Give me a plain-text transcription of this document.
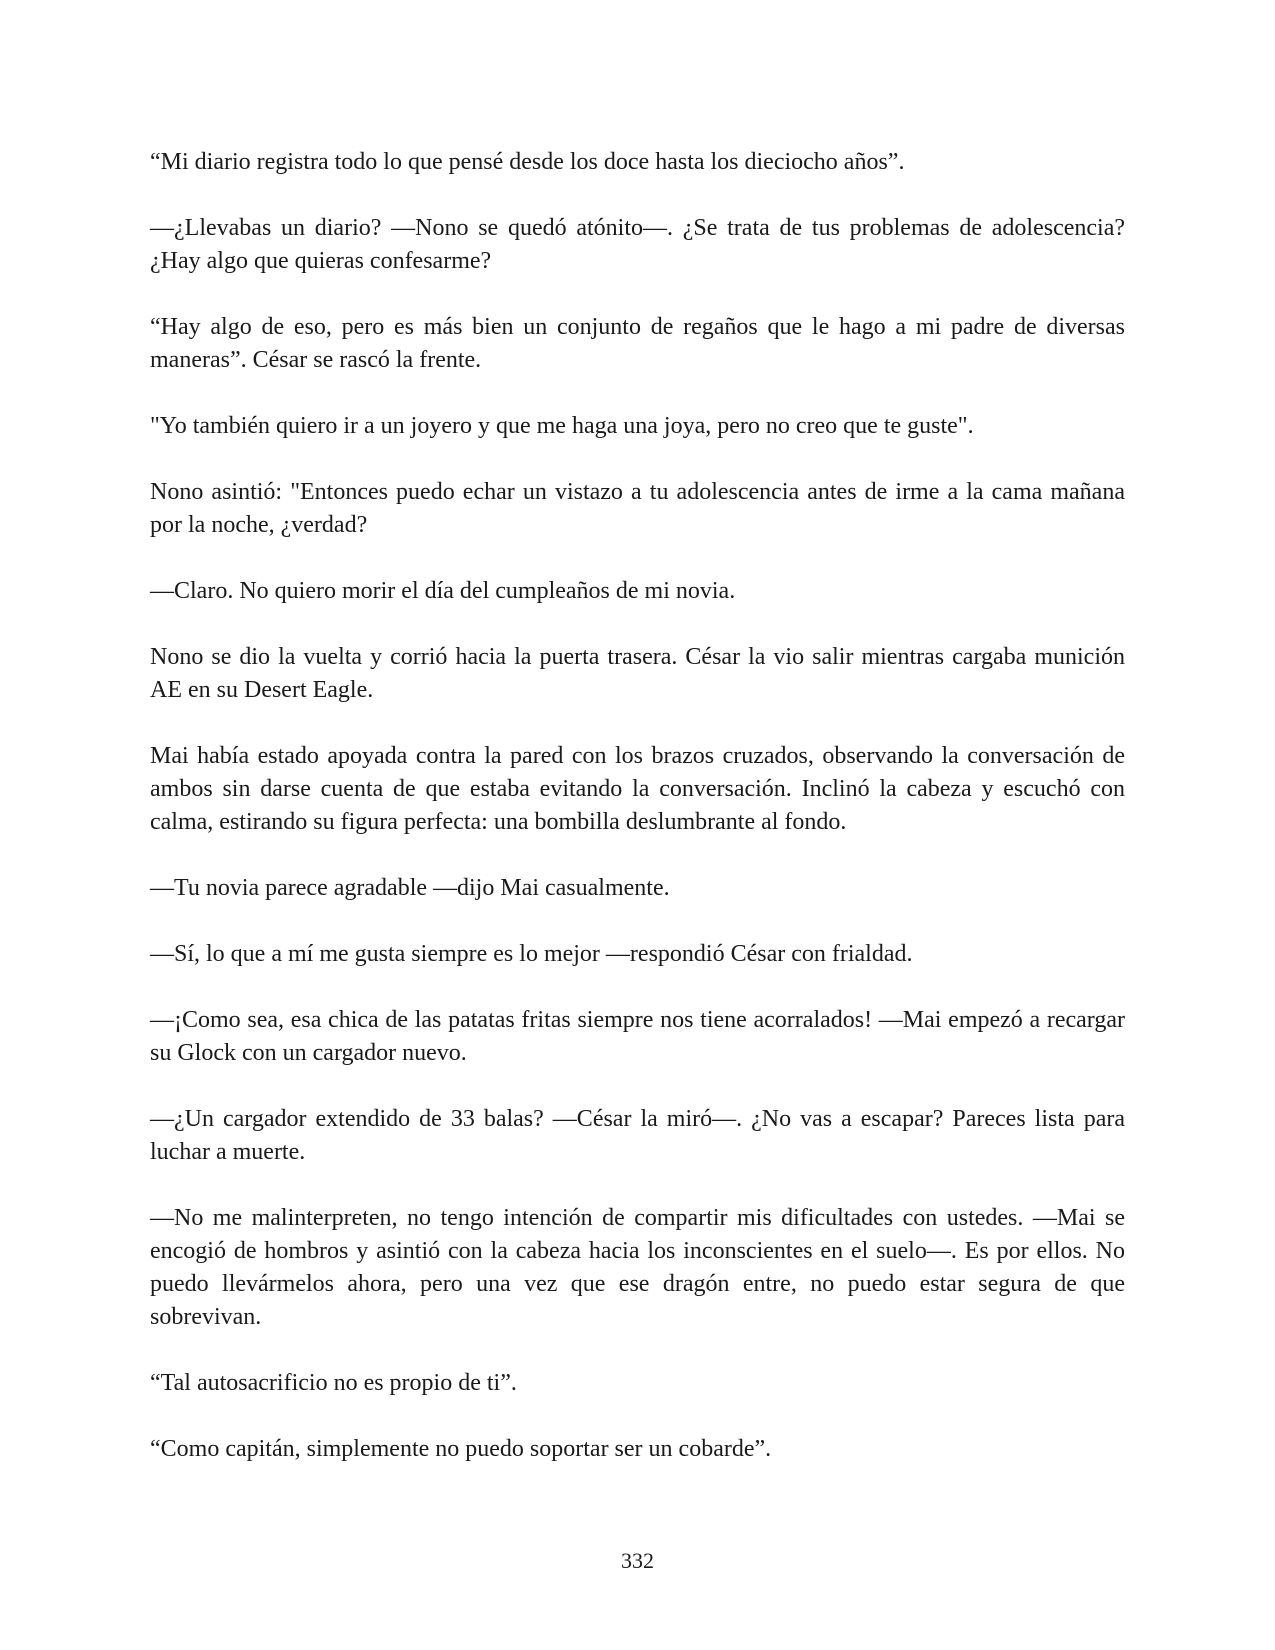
“Mi diario registra todo lo que pensé desde los doce hasta los dieciocho años”.

—¿Llevabas un diario? —Nono se quedó atónito—. ¿Se trata de tus problemas de adolescencia? ¿Hay algo que quieras confesarme?

“Hay algo de eso, pero es más bien un conjunto de regaños que le hago a mi padre de diversas maneras”. César se rascó la frente.

"Yo también quiero ir a un joyero y que me haga una joya, pero no creo que te guste".

Nono asintió: "Entonces puedo echar un vistazo a tu adolescencia antes de irme a la cama mañana por la noche, ¿verdad?

—Claro. No quiero morir el día del cumpleaños de mi novia.

Nono se dio la vuelta y corrió hacia la puerta trasera. César la vio salir mientras cargaba munición AE en su Desert Eagle.

Mai había estado apoyada contra la pared con los brazos cruzados, observando la conversación de ambos sin darse cuenta de que estaba evitando la conversación. Inclinó la cabeza y escuchó con calma, estirando su figura perfecta: una bombilla deslumbrante al fondo.

—Tu novia parece agradable —dijo Mai casualmente.

—Sí, lo que a mí me gusta siempre es lo mejor —respondió César con frialdad.

—¡Como sea, esa chica de las patatas fritas siempre nos tiene acorralados! —Mai empezó a recargar su Glock con un cargador nuevo.

—¿Un cargador extendido de 33 balas? —César la miró—. ¿No vas a escapar? Pareces lista para luchar a muerte.

—No me malinterpreten, no tengo intención de compartir mis dificultades con ustedes. —Mai se encogió de hombros y asintió con la cabeza hacia los inconscientes en el suelo—. Es por ellos. No puedo llevármelos ahora, pero una vez que ese dragón entre, no puedo estar segura de que sobrevivan.

“Tal autosacrificio no es propio de ti”.

“Como capitán, simplemente no puedo soportar ser un cobarde”.

332
